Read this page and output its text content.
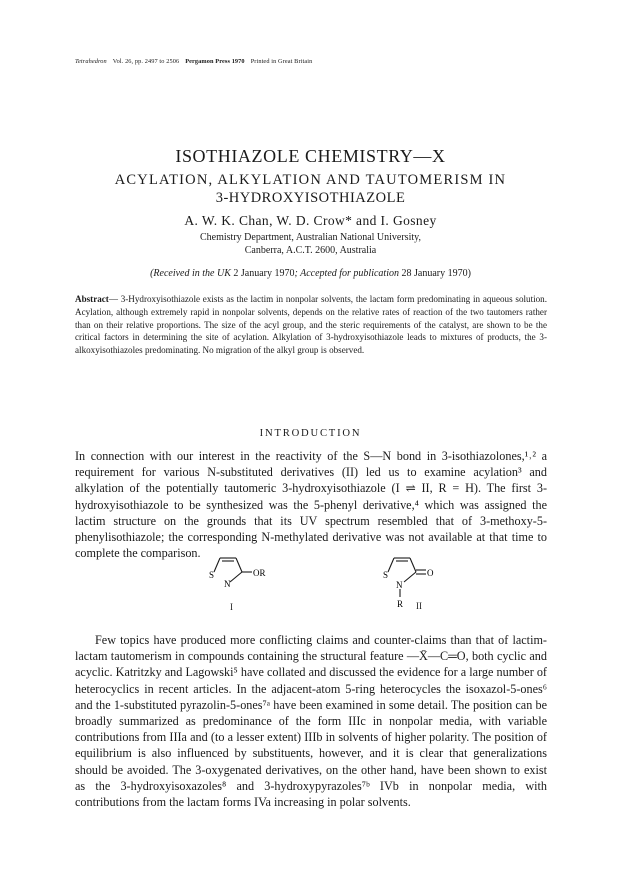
Tetrahedron Vol. 26, pp. 2497 to 2506 Pergamon Press 1970 Printed in Great Britain
ISOTHIAZOLE CHEMISTRY—X
ACYLATION, ALKYLATION AND TAUTOMERISM IN
3-HYDROXYISOTHIAZOLE
A. W. K. Chan, W. D. Crow* and I. Gosney
Chemistry Department, Australian National University,
Canberra, A.C.T. 2600, Australia
(Received in the UK 2 January 1970; Accepted for publication 28 January 1970)
Abstract— 3-Hydroxyisothiazole exists as the lactim in nonpolar solvents, the lactam form predominating in aqueous solution. Acylation, although extremely rapid in nonpolar solvents, depends on the relative rates of reaction of the two tautomers rather than on their relative proportions. The size of the acyl group, and the steric requirements of the catalyst, are shown to be the critical factors in determining the site of acylation. Alkylation of 3-hydroxyisothiazole leads to mixtures of products, the 3-alkoxyisothiazoles predominating. No migration of the alkyl group is observed.
INTRODUCTION
In connection with our interest in the reactivity of the S—N bond in 3-isothiazolones,¹˒² a requirement for various N-substituted derivatives (II) led us to examine acylation³ and alkylation of the potentially tautomeric 3-hydroxyisothiazole (I ⇌ II, R = H). The first 3-hydroxyisothiazole to be synthesized was the 5-phenyl derivative,⁴ which was assigned the lactim structure on the grounds that its UV spectrum resembled that of 3-methoxy-5-phenylisothiazole; the corresponding N-methylated derivative was not available at that time to complete the comparison.
S
N
OR
I
S
N
O
R II
Few topics have produced more conflicting claims and counter-claims than that of lactim-lactam tautomerism in compounds containing the structural feature —X̄—C═O, both cyclic and acyclic. Katritzky and Lagowski⁵ have collated and discussed the evidence for a large number of heterocyclics in recent articles. In the adjacent-atom 5-ring heterocycles the isoxazol-5-ones⁶ and the 1-substituted pyrazolin-5-ones⁷ᵃ have been examined in some detail. The position can be broadly summarized as predominance of the form IIIc in nonpolar media, with variable contributions from IIIa and (to a lesser extent) IIIb in solvents of higher polarity. The position of equilibrium is also influenced by substituents, however, and it is clear that generalizations should be avoided. The 3-oxygenated derivatives, on the other hand, have been shown to exist as the 3-hydroxyisoxazoles⁸ and 3-hydroxypyrazoles⁷ᵇ IVb in nonpolar media, with contributions from the lactam forms IVa increasing in polar solvents.
